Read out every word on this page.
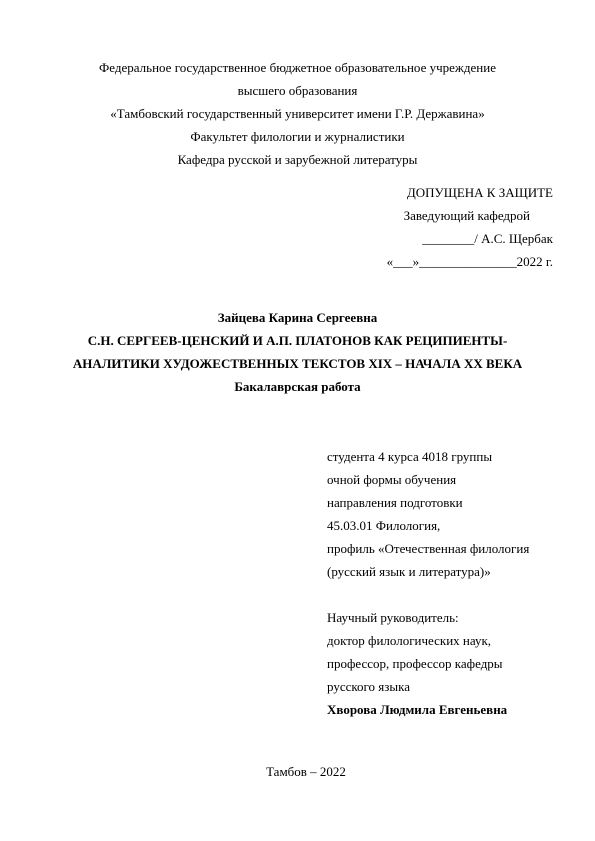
Федеральное государственное бюджетное образовательное учреждение
высшего образования
«Тамбовский государственный университет имени Г.Р. Державина»
Факультет филологии и журналистики
Кафедра русской и зарубежной литературы
ДОПУЩЕНА К ЗАЩИТЕ
Заведующий кафедрой
________/ А.С. Щербак
«___»_______________2022 г.
Зайцева Карина Сергеевна
С.Н. СЕРГЕЕВ-ЦЕНСКИЙ И А.П. ПЛАТОНОВ КАК РЕЦИПИЕНТЫ-АНАЛИТИКИ ХУДОЖЕСТВЕННЫХ ТЕКСТОВ XIX – НАЧАЛА XX ВЕКА
Бакалаврская работа
студента 4 курса 4018 группы
очной формы обучения
направления подготовки
45.03.01 Филология,
профиль «Отечественная филология
(русский язык и литература)»
Научный руководитель:
доктор филологических наук,
профессор, профессор кафедры
русского языка
Хворова Людмила Евгеньевна
Тамбов – 2022
